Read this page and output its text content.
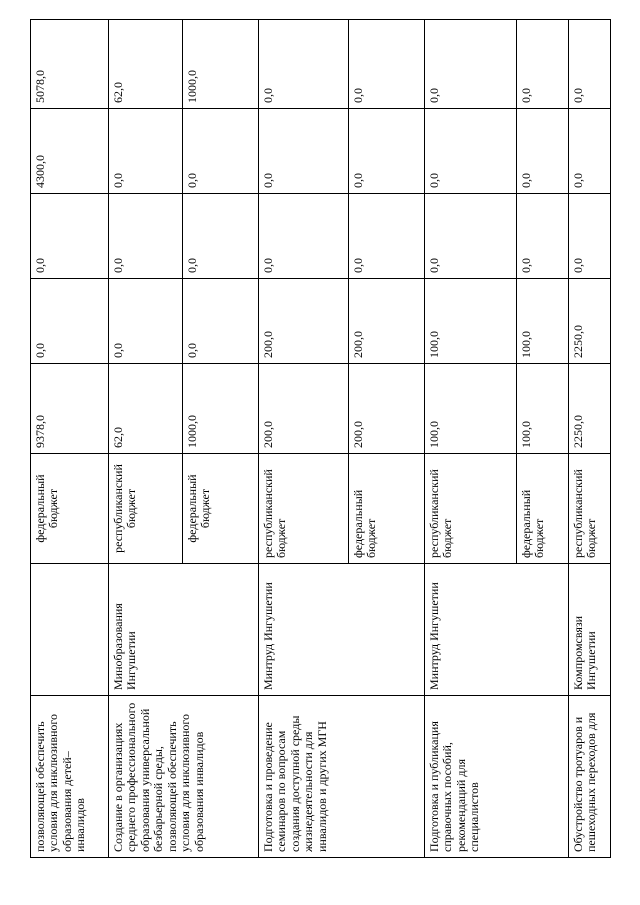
позволяющей обеспечить условия для инклюзивного образования детей–инвалидов		федеральный бюджет	9378,0	0,0	0,0	4300,0	5078,0
Создание в организациях среднего профессионального образования универсальной безбарьерной среды, позволяющей обеспечить условия для инклюзивного образования инвалидов	Минобразования Ингушетии	республиканский бюджет	62,0	0,0	0,0	0,0	62,0
		федеральный бюджет	1000,0	0,0	0,0	0,0	1000,0
Подготовка и проведение семинаров по вопросам создания доступной среды жизнедеятельности для инвалидов и других МГН	Минтруд Ингушетии	республиканский бюджет	200,0	200,0	0,0	0,0	0,0
		федеральный бюджет	200,0	200,0	0,0	0,0	0,0
Подготовка и публикация справочных пособий, рекомендаций для специалистов	Минтруд Ингушетии	республиканский бюджет	100,0	100,0	0,0	0,0	0,0
		федеральный бюджет	100,0	100,0	0,0	0,0	0,0
Обустройство тротуаров и пешеходных переходов для	Компромсвязи Ингушетии	республиканский бюджет	2250,0	2250,0	0,0	0,0	0,0
